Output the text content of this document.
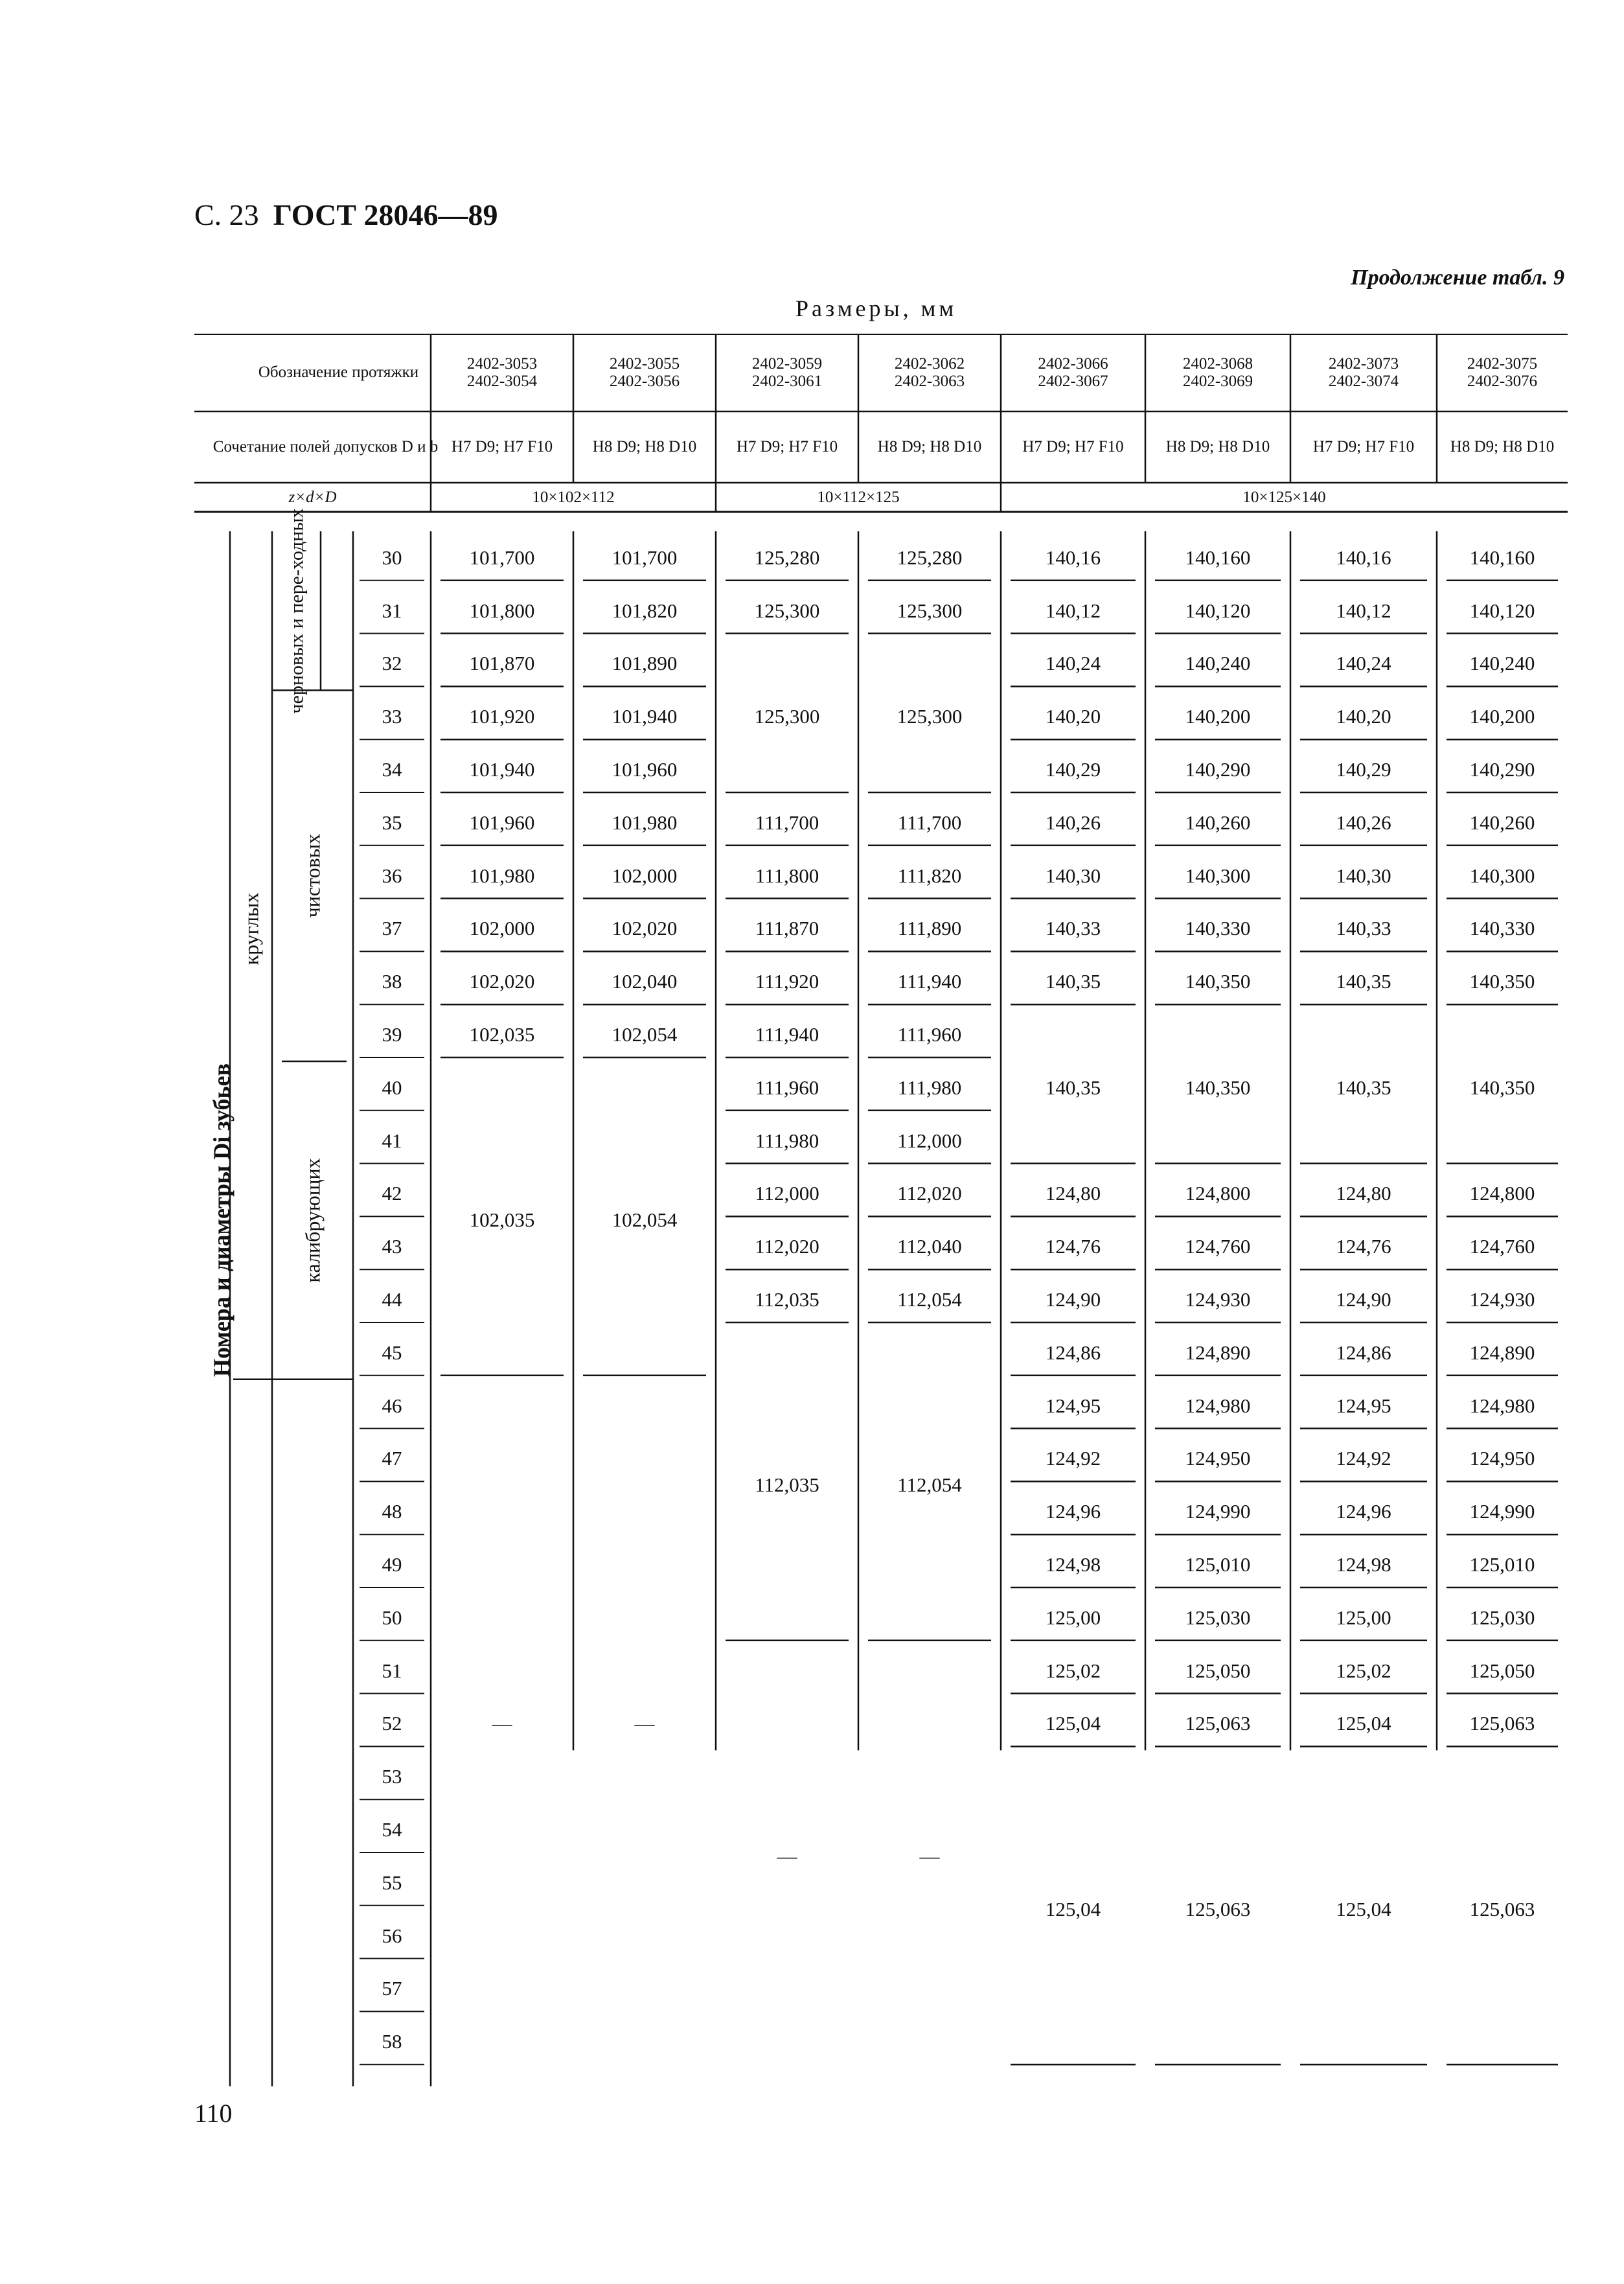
С. 23 ГОСТ 28046—89
Продолжение табл. 9
Размеры, мм
Обозначение протяжки
Сочетание полей допусков D и b
z×d×D
2402-3053
2402-3054
H7 D9; H7 F10
2402-3055
2402-3056
H8 D9; H8 D10
2402-3059
2402-3061
H7 D9; H7 F10
2402-3062
2402-3063
H8 D9; H8 D10
2402-3066
2402-3067
H7 D9; H7 F10
2402-3068
2402-3069
H8 D9; H8 D10
2402-3073
2402-3074
H7 D9; H7 F10
2402-3075
2402-3076
H8 D9; H8 D10
10×102×112	10×112×125	10×125×140
Номера и диаметры Di зубьев
круглых
черновых и пере-ходных
чистовых
калибрующих
30
31
32
33
34
35
36
37
38
39
40
41
42
43
44
45
46
47
48
49
50
51
52
53
54
55
56
57
58
101,700
101,800
101,870
101,920
101,940
101,960
101,980
102,000
102,020
102,035
102,035
—
101,700
101,820
101,890
101,940
101,960
101,980
102,000
102,020
102,040
102,054
102,054
—
125,280
125,300
125,300
111,700
111,800
111,870
111,920
111,940
111,960
111,980
112,000
112,020
112,035
112,035
—
125,280
125,300
125,300
111,700
111,820
111,890
111,940
111,960
111,980
112,000
112,020
112,040
112,054
112,054
—
140,16
140,12
140,24
140,20
140,29
140,26
140,30
140,33
140,35
140,35
124,80
124,76
124,90
124,86
124,95
124,92
124,96
124,98
125,00
125,02
125,04
125,04
140,160
140,120
140,240
140,200
140,290
140,260
140,300
140,330
140,350
140,350
124,800
124,760
124,930
124,890
124,980
124,950
124,990
125,010
125,030
125,050
125,063
125,063
140,16
140,12
140,24
140,20
140,29
140,26
140,30
140,33
140,35
140,35
124,80
124,76
124,90
124,86
124,95
124,92
124,96
124,98
125,00
125,02
125,04
125,04
140,160
140,120
140,240
140,200
140,290
140,260
140,300
140,330
140,350
140,350
124,800
124,760
124,930
124,890
124,980
124,950
124,990
125,010
125,030
125,050
125,063
125,063
110
